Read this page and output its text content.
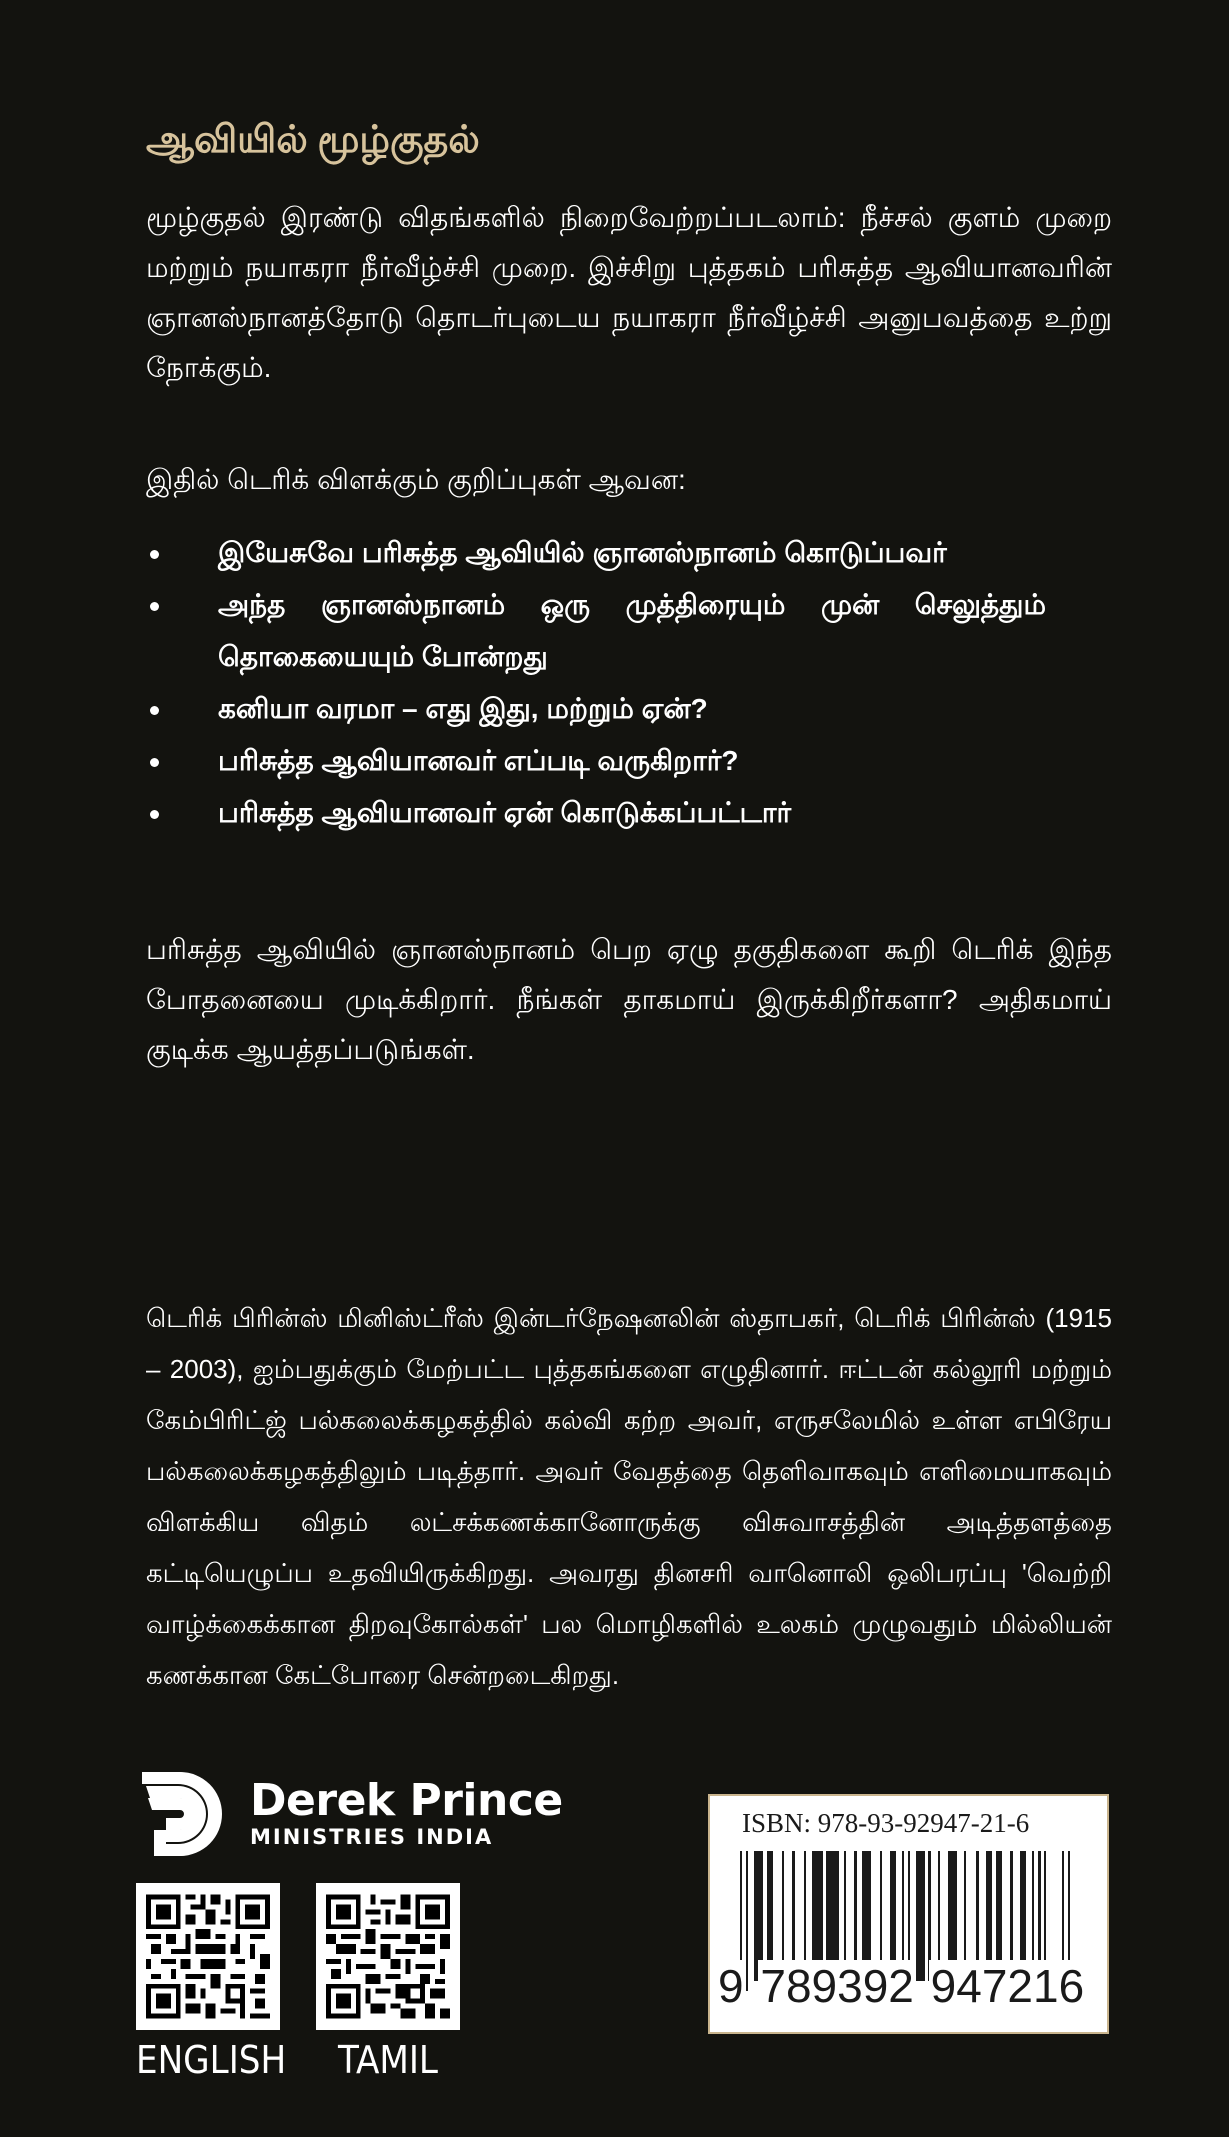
ஆவியில் மூழ்குதல்

மூழ்குதல் இரண்டு விதங்களில் நிறைவேற்றப்படலாம்: நீச்சல் குளம் முறை மற்றும் நயாகரா நீர்வீழ்ச்சி முறை. இச்சிறு புத்தகம் பரிசுத்த ஆவியானவரின் ஞானஸ்நானத்தோடு தொடர்புடைய நயாகரா நீர்வீழ்ச்சி அனுபவத்தை உற்று நோக்கும்.

இதில் டெரிக் விளக்கும் குறிப்புகள் ஆவன:

இயேசுவே பரிசுத்த ஆவியில் ஞானஸ்நானம் கொடுப்பவர்
அந்த ஞானஸ்நானம் ஒரு முத்திரையும் முன் செலுத்தும் தொகையையும் போன்றது
கனியா வரமா – எது இது, மற்றும் ஏன்?
பரிசுத்த ஆவியானவர் எப்படி வருகிறார்?
பரிசுத்த ஆவியானவர் ஏன் கொடுக்கப்பட்டார்

பரிசுத்த ஆவியில் ஞானஸ்நானம் பெற ஏழு தகுதிகளை கூறி டெரிக் இந்த போதனையை முடிக்கிறார். நீங்கள் தாகமாய் இருக்கிறீர்களா? அதிகமாய் குடிக்க ஆயத்தப்படுங்கள்.

டெரிக் பிரின்ஸ் மினிஸ்ட்ரீஸ் இன்டர்நேஷனலின் ஸ்தாபகர், டெரிக் பிரின்ஸ் (1915 – 2003), ஐம்பதுக்கும் மேற்பட்ட புத்தகங்களை எழுதினார். ஈட்டன் கல்லூரி மற்றும் கேம்பிரிட்ஜ் பல்கலைக்கழகத்தில் கல்வி கற்ற அவர், எருசலேமில் உள்ள எபிரேய பல்கலைக்கழகத்திலும் படித்தார். அவர் வேதத்தை தெளிவாகவும் எளிமையாகவும் விளக்கிய விதம் லட்சக்கணக்கானோருக்கு விசுவாசத்தின் அடித்தளத்தை கட்டியெழுப்ப உதவியிருக்கிறது. அவரது தினசரி வானொலி ஒலிபரப்பு 'வெற்றி வாழ்க்கைக்கான திறவுகோல்கள்' பல மொழிகளில் உலகம் முழுவதும் மில்லியன் கணக்கான கேட்போரை சென்றடைகிறது.

Derek Prince
MINISTRIES INDIA
ENGLISH	TAMIL
ISBN: 978-93-92947-21-6
9 789392 947216
